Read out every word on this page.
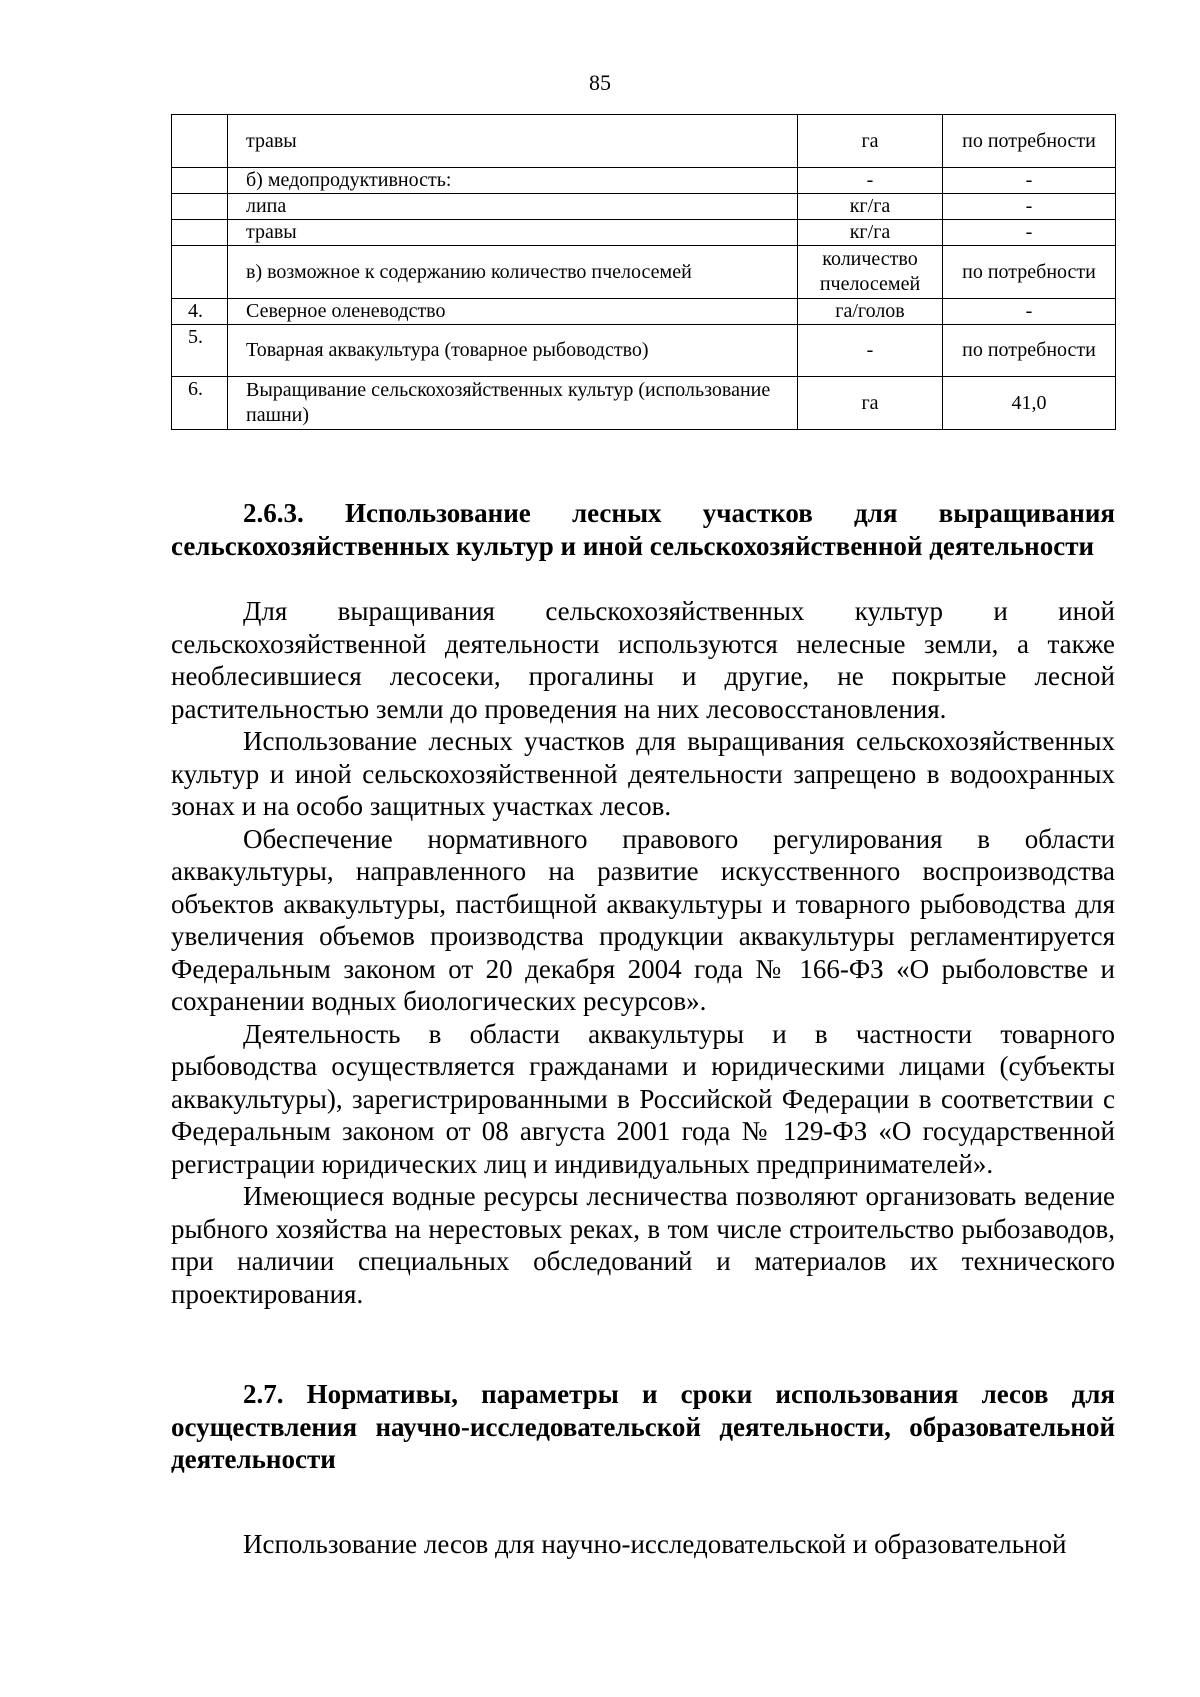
85
	травы	га	по потребности
	б) медопродуктивность:	-	-
	липа	кг/га	-
	травы	кг/га	-
	в) возможное к содержанию количество пчелосемей	количество пчелосемей	по потребности
4.	Северное оленеводство	га/голов	-
5.	Товарная аквакультура (товарное рыбоводство)	-	по потребности
6.	Выращивание сельскохозяйственных культур (использование пашни)	га	41,0

2.6.3. Использование лесных участков для выращивания сельскохозяйственных культур и иной сельскохозяйственной деятельности

Для выращивания сельскохозяйственных культур и иной сельскохозяйственной деятельности используются нелесные земли, а также необлесившиеся лесосеки, прогалины и другие, не покрытые лесной растительностью земли до проведения на них лесовосстановления.

Использование лесных участков для выращивания сельскохозяйственных культур и иной сельскохозяйственной деятельности запрещено в водоохранных зонах и на особо защитных участках лесов.

Обеспечение нормативного правового регулирования в области аквакультуры, направленного на развитие искусственного воспроизводства объектов аквакультуры, пастбищной аквакультуры и товарного рыбоводства для увеличения объемов производства продукции аквакультуры регламентируется Федеральным законом от 20 декабря 2004 года № 166-ФЗ «О рыболовстве и сохранении водных биологических ресурсов».

Деятельность в области аквакультуры и в частности товарного рыбоводства осуществляется гражданами и юридическими лицами (субъекты аквакультуры), зарегистрированными в Российской Федерации в соответствии с Федеральным законом от 08 августа 2001 года № 129-ФЗ «О государственной регистрации юридических лиц и индивидуальных предпринимателей».

Имеющиеся водные ресурсы лесничества позволяют организовать ведение рыбного хозяйства на нерестовых реках, в том числе строительство рыбозаводов, при наличии специальных обследований и материалов их технического проектирования.

2.7. Нормативы, параметры и сроки использования лесов для осуществления научно-исследовательской деятельности, образовательной деятельности

Использование лесов для научно-исследовательской и образовательной
